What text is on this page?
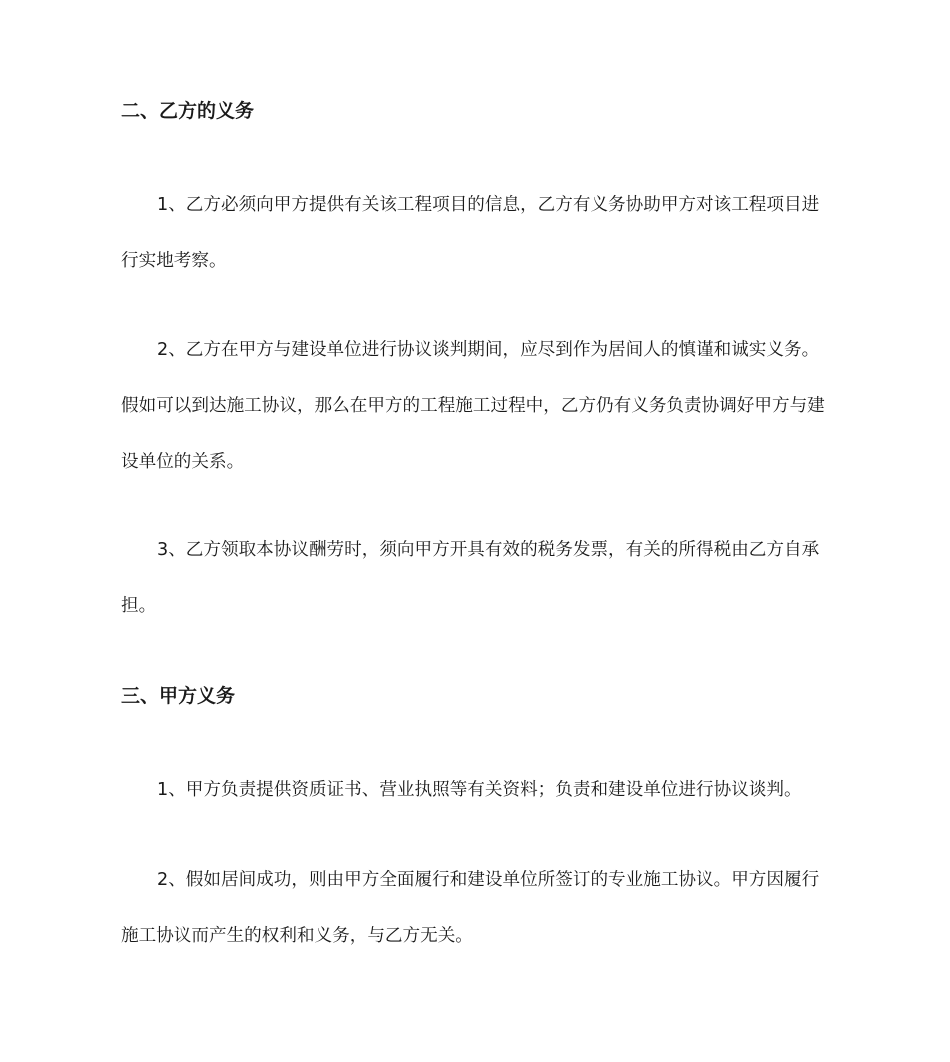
二、乙方的义务

1、乙方必须向甲方提供有关该工程项目的信息，乙方有义务协助甲方对该工程项目进行实地考察。

2、乙方在甲方与建设单位进行协议谈判期间，应尽到作为居间人的慎谨和诚实义务。假如可以到达施工协议，那么在甲方的工程施工过程中，乙方仍有义务负责协调好甲方与建设单位的关系。

3、乙方领取本协议酬劳时，须向甲方开具有效的税务发票，有关的所得税由乙方自承担。

三、甲方义务

1、甲方负责提供资质证书、营业执照等有关资料；负责和建设单位进行协议谈判。

2、假如居间成功，则由甲方全面履行和建设单位所签订的专业施工协议。甲方因履行施工协议而产生的权利和义务，与乙方无关。
